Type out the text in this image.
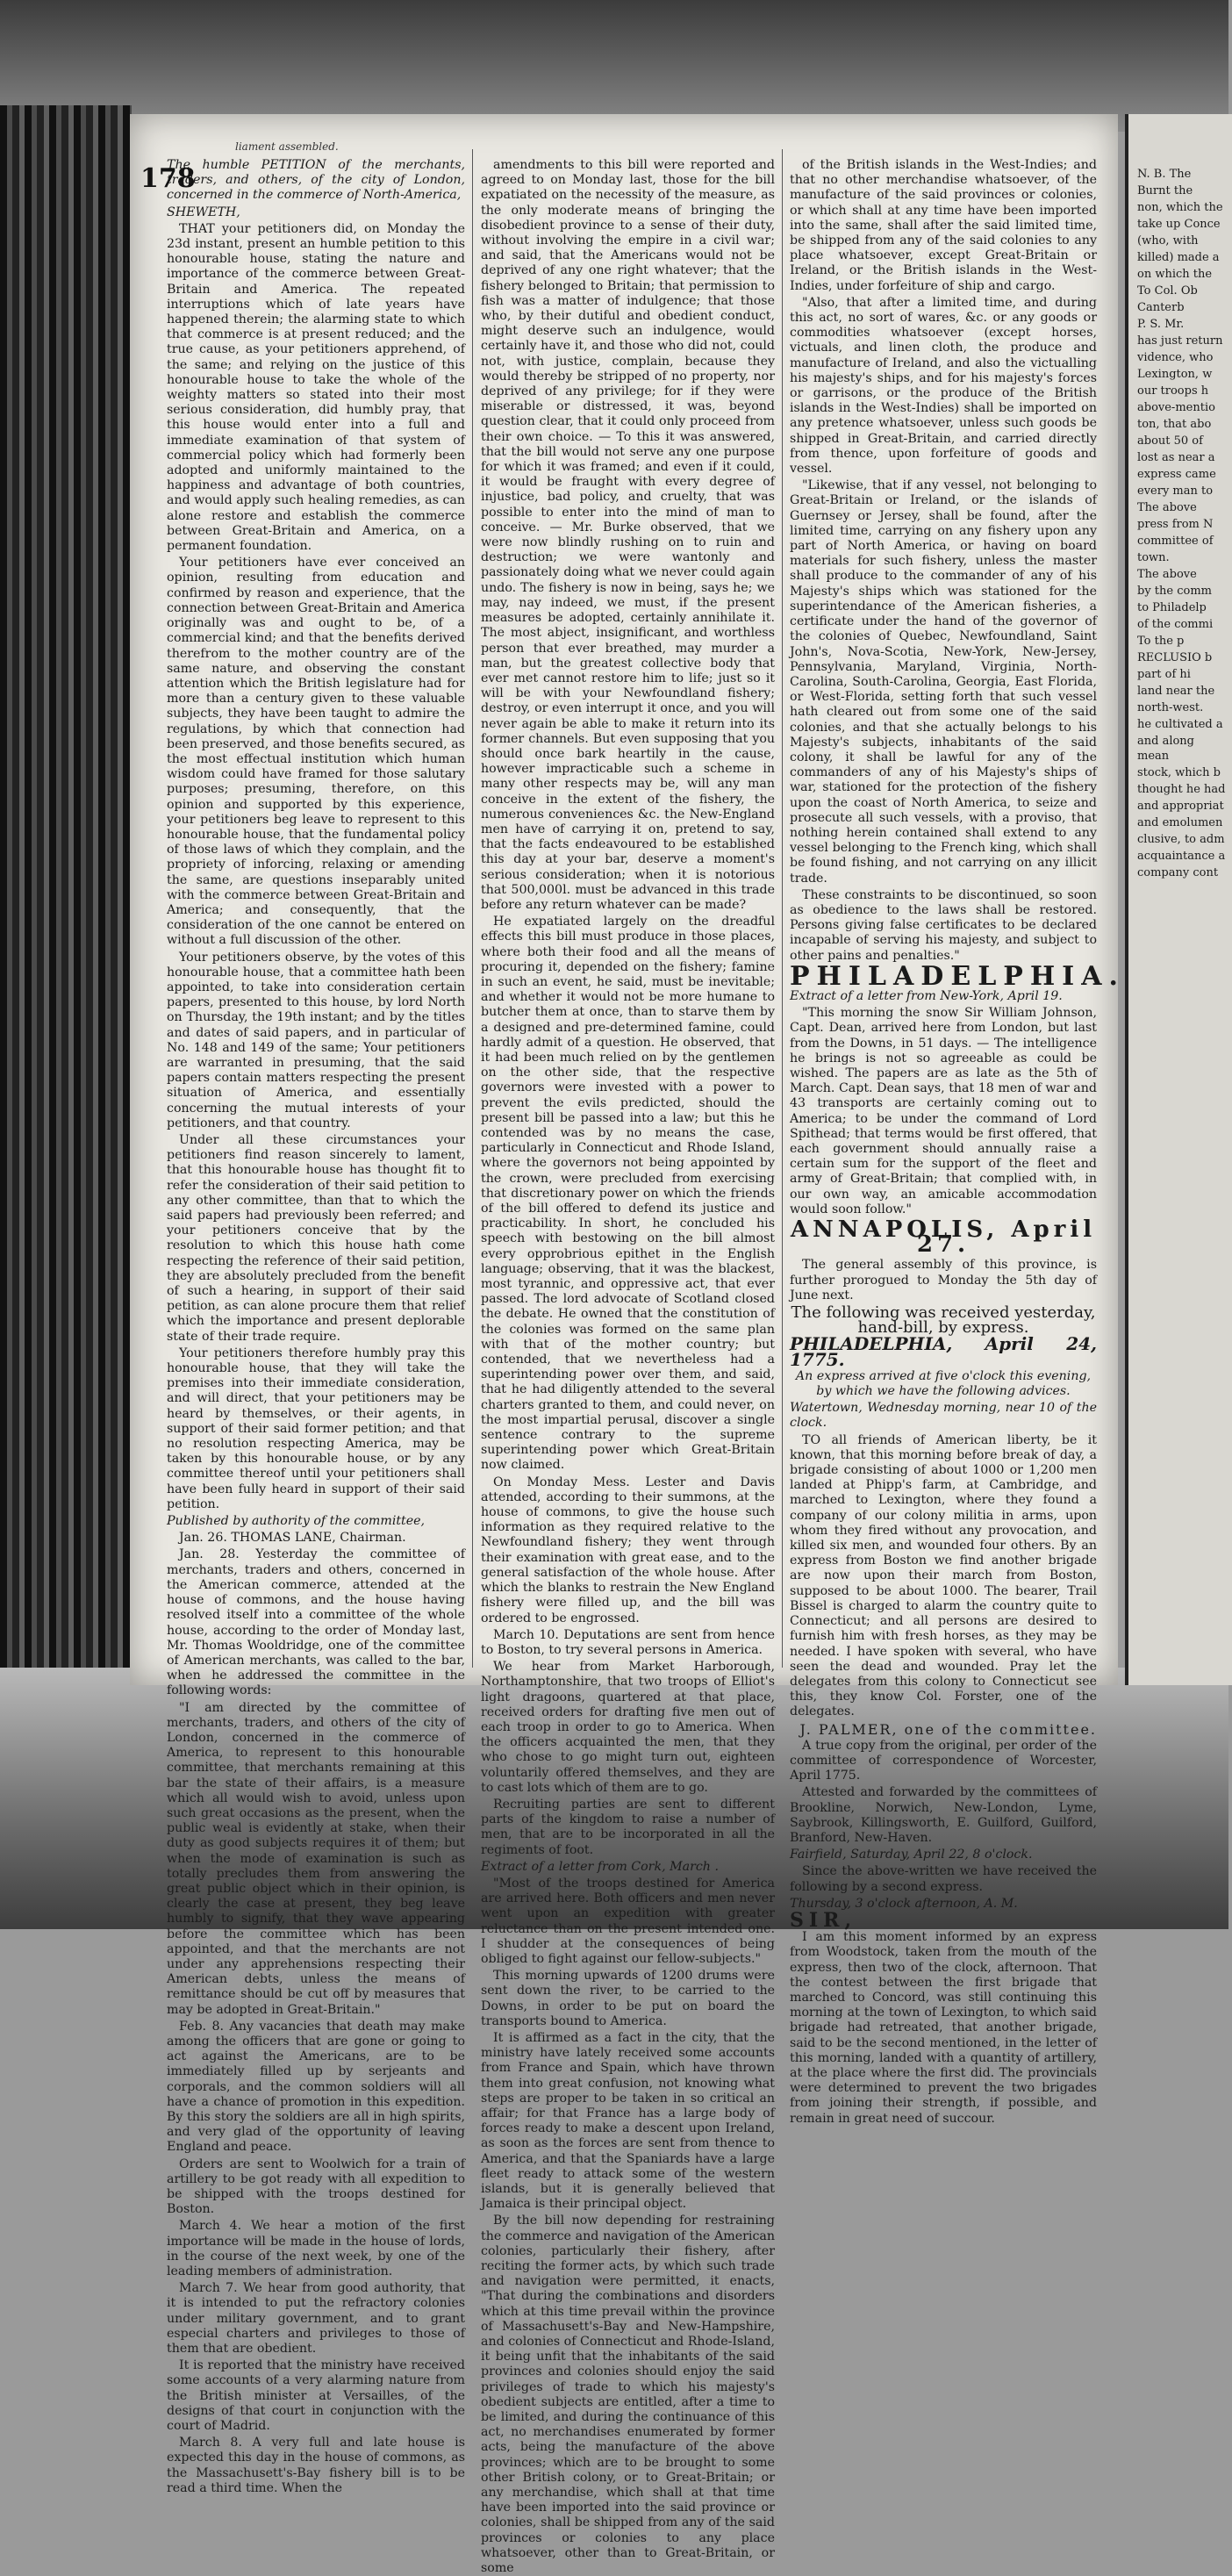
178
liament assembled.

The humble PETITION of the merchants, traders, and others, of the city of London, concerned in the commerce of North-America,

SHEWETH,

THAT your petitioners did, on Monday the 23d instant, present an humble petition to this honourable house, stating the nature and importance of the commerce between Great-Britain and America. The repeated interruptions which of late years have happened therein; the alarming state to which that commerce is at present reduced; and the true cause, as your petitioners apprehend, of the same; and relying on the justice of this honourable house to take the whole of the weighty matters so stated into their most serious consideration, did humbly pray, that this house would enter into a full and immediate examination of that system of commercial policy which had formerly been adopted and uniformly maintained to the happiness and advantage of both countries, and would apply such healing remedies, as can alone restore and establish the commerce between Great-Britain and America, on a permanent foundation.

Your petitioners have ever conceived an opinion, resulting from education and confirmed by reason and experience, that the connection between Great-Britain and America originally was and ought to be, of a commercial kind; and that the benefits derived therefrom to the mother country are of the same nature, and observing the constant attention which the British legislature had for more than a century given to these valuable subjects, they have been taught to admire the regulations, by which that connection had been preserved, and those benefits secured, as the most effectual institution which human wisdom could have framed for those salutary purposes; presuming, therefore, on this opinion and supported by this experience, your petitioners beg leave to represent to this honourable house, that the fundamental policy of those laws of which they complain, and the propriety of inforcing, relaxing or amending the same, are questions inseparably united with the commerce between Great-Britain and America; and consequently, that the consideration of the one cannot be entered on without a full discussion of the other.

Your petitioners observe, by the votes of this honourable house, that a committee hath been appointed, to take into consideration certain papers, presented to this house, by lord North on Thursday, the 19th instant; and by the titles and dates of said papers, and in particular of No. 148 and 149 of the same; Your petitioners are warranted in presuming, that the said papers contain matters respecting the present situation of America, and essentially concerning the mutual interests of your petitioners, and that country.

Under all these circumstances your petitioners find reason sincerely to lament, that this honourable house has thought fit to refer the consideration of their said petition to any other committee, than that to which the said papers had previously been referred; and your petitioners conceive that by the resolution to which this house hath come respecting the reference of their said petition, they are absolutely precluded from the benefit of such a hearing, in support of their said petition, as can alone procure them that relief which the importance and present deplorable state of their trade require.

Your petitioners therefore humbly pray this honourable house, that they will take the premises into their immediate consideration, and will direct, that your petitioners may be heard by themselves, or their agents, in support of their said former petition; and that no resolution respecting America, may be taken by this honourable house, or by any committee thereof until your petitioners shall have been fully heard in support of their said petition.

Published by authority of the committee,

Jan. 26. THOMAS LANE, Chairman.

Jan. 28. Yesterday the committee of merchants, traders and others, concerned in the American commerce, attended at the house of commons, and the house having resolved itself into a committee of the whole house, according to the order of Monday last, Mr. Thomas Wooldridge, one of the committee of American merchants, was called to the bar, when he addressed the committee in the following words:

"I am directed by the committee of merchants, traders, and others of the city of London, concerned in the commerce of America, to represent to this honourable committee, that merchants remaining at this bar the state of their affairs, is a measure which all would wish to avoid, unless upon such great occasions as the present, when the public weal is evidently at stake, when their duty as good subjects requires it of them; but when the mode of examination is such as totally precludes them from answering the great public object which in their opinion, is clearly the case at present, they beg leave humbly to signify, that they wave appearing before the committee which has been appointed, and that the merchants are not under any apprehensions respecting their American debts, unless the means of remittance should be cut off by measures that may be adopted in Great-Britain."

Feb. 8. Any vacancies that death may make among the officers that are gone or going to act against the Americans, are to be immediately filled up by serjeants and corporals, and the common soldiers will all have a chance of promotion in this expedition. By this story the soldiers are all in high spirits, and very glad of the opportunity of leaving England and peace.

Orders are sent to Woolwich for a train of artillery to be got ready with all expedition to be shipped with the troops destined for Boston.

March 4. We hear a motion of the first importance will be made in the house of lords, in the course of the next week, by one of the leading members of administration.

March 7. We hear from good authority, that it is intended to put the refractory colonies under military government, and to grant especial charters and privileges to those of them that are obedient.

It is reported that the ministry have received some accounts of a very alarming nature from the British minister at Versailles, of the designs of that court in conjunction with the court of Madrid.

March 8. A very full and late house is expected this day in the house of commons, as the Massachusett's-Bay fishery bill is to be read a third time. When the

amendments to this bill were reported and agreed to on Monday last, those for the bill expatiated on the necessity of the measure, as the only moderate means of bringing the disobedient province to a sense of their duty, without involving the empire in a civil war; and said, that the Americans would not be deprived of any one right whatever; that the fishery belonged to Britain; that permission to fish was a matter of indulgence; that those who, by their dutiful and obedient conduct, might deserve such an indulgence, would certainly have it, and those who did not, could not, with justice, complain, because they would thereby be stripped of no property, nor deprived of any privilege; for if they were miserable or distressed, it was, beyond question clear, that it could only proceed from their own choice. — To this it was answered, that the bill would not serve any one purpose for which it was framed; and even if it could, it would be fraught with every degree of injustice, bad policy, and cruelty, that was possible to enter into the mind of man to conceive. — Mr. Burke observed, that we were now blindly rushing on to ruin and destruction; we were wantonly and passionately doing what we never could again undo. The fishery is now in being, says he; we may, nay indeed, we must, if the present measures be adopted, certainly annihilate it. The most abject, insignificant, and worthless person that ever breathed, may murder a man, but the greatest collective body that ever met cannot restore him to life; just so it will be with your Newfoundland fishery; destroy, or even interrupt it once, and you will never again be able to make it return into its former channels. But even supposing that you should once bark heartily in the cause, however impracticable such a scheme in many other respects may be, will any man conceive in the extent of the fishery, the numerous conveniences &c. the New-England men have of carrying it on, pretend to say, that the facts endeavoured to be established this day at your bar, deserve a moment's serious consideration; when it is notorious that 500,000l. must be advanced in this trade before any return whatever can be made?

He expatiated largely on the dreadful effects this bill must produce in those places, where both their food and all the means of procuring it, depended on the fishery; famine in such an event, he said, must be inevitable; and whether it would not be more humane to butcher them at once, than to starve them by a designed and pre-determined famine, could hardly admit of a question. He observed, that it had been much relied on by the gentlemen on the other side, that the respective governors were invested with a power to prevent the evils predicted, should the present bill be passed into a law; but this he contended was by no means the case, particularly in Connecticut and Rhode Island, where the governors not being appointed by the crown, were precluded from exercising that discretionary power on which the friends of the bill offered to defend its justice and practicability. In short, he concluded his speech with bestowing on the bill almost every opprobrious epithet in the English language; observing, that it was the blackest, most tyrannic, and oppressive act, that ever passed. The lord advocate of Scotland closed the debate. He owned that the constitution of the colonies was formed on the same plan with that of the mother country; but contended, that we nevertheless had a superintending power over them, and said, that he had diligently attended to the several charters granted to them, and could never, on the most impartial perusal, discover a single sentence contrary to the supreme superintending power which Great-Britain now claimed.

On Monday Mess. Lester and Davis attended, according to their summons, at the house of commons, to give the house such information as they required relative to the Newfoundland fishery; they went through their examination with great ease, and to the general satisfaction of the whole house. After which the blanks to restrain the New England fishery were filled up, and the bill was ordered to be engrossed.

March 10. Deputations are sent from hence to Boston, to try several persons in America.

We hear from Market Harborough, Northamptonshire, that two troops of Elliot's light dragoons, quartered at that place, received orders for drafting five men out of each troop in order to go to America. When the officers acquainted the men, that they who chose to go might turn out, eighteen voluntarily offered themselves, and they are to cast lots which of them are to go.

Recruiting parties are sent to different parts of the kingdom to raise a number of men, that are to be incorporated in all the regiments of foot.

Extract of a letter from Cork, March .

"Most of the troops destined for America are arrived here. Both officers and men never went upon an expedition with greater reluctance than on the present intended one. I shudder at the consequences of being obliged to fight against our fellow-subjects."

This morning upwards of 1200 drums were sent down the river, to be carried to the Downs, in order to be put on board the transports bound to America.

It is affirmed as a fact in the city, that the ministry have lately received some accounts from France and Spain, which have thrown them into great confusion, not knowing what steps are proper to be taken in so critical an affair; for that France has a large body of forces ready to make a descent upon Ireland, as soon as the forces are sent from thence to America, and that the Spaniards have a large fleet ready to attack some of the western islands, but it is generally believed that Jamaica is their principal object.

By the bill now depending for restraining the commerce and navigation of the American colonies, particularly their fishery, after reciting the former acts, by which such trade and navigation were permitted, it enacts, "That during the combinations and disorders which at this time prevail within the province of Massachusett's-Bay and New-Hampshire, and colonies of Connecticut and Rhode-Island, it being unfit that the inhabitants of the said provinces and colonies should enjoy the said privileges of trade to which his majesty's obedient subjects are entitled, after a time to be limited, and during the continuance of this act, no merchandises enumerated by former acts, being the manufacture of the above provinces; which are to be brought to some other British colony, or to Great-Britain; or any merchandise, which shall at that time have been imported into the said province or colonies, shall be shipped from any of the said provinces or colonies to any place whatsoever, other than to Great-Britain, or some

of the British islands in the West-Indies; and that no other merchandise whatsoever, of the manufacture of the said provinces or colonies, or which shall at any time have been imported into the same, shall after the said limited time, be shipped from any of the said colonies to any place whatsoever, except Great-Britain or Ireland, or the British islands in the West-Indies, under forfeiture of ship and cargo.

"Also, that after a limited time, and during this act, no sort of wares, &c. or any goods or commodities whatsoever (except horses, victuals, and linen cloth, the produce and manufacture of Ireland, and also the victualling his majesty's ships, and for his majesty's forces or garrisons, or the produce of the British islands in the West-Indies) shall be imported on any pretence whatsoever, unless such goods be shipped in Great-Britain, and carried directly from thence, upon forfeiture of goods and vessel.

"Likewise, that if any vessel, not belonging to Great-Britain or Ireland, or the islands of Guernsey or Jersey, shall be found, after the limited time, carrying on any fishery upon any part of North America, or having on board materials for such fishery, unless the master shall produce to the commander of any of his Majesty's ships which was stationed for the superintendance of the American fisheries, a certificate under the hand of the governor of the colonies of Quebec, Newfoundland, Saint John's, Nova-Scotia, New-York, New-Jersey, Pennsylvania, Maryland, Virginia, North-Carolina, South-Carolina, Georgia, East Florida, or West-Florida, setting forth that such vessel hath cleared out from some one of the said colonies, and that she actually belongs to his Majesty's subjects, inhabitants of the said colony, it shall be lawful for any of the commanders of any of his Majesty's ships of war, stationed for the protection of the fishery upon the coast of North America, to seize and prosecute all such vessels, with a proviso, that nothing herein contained shall extend to any vessel belonging to the French king, which shall be found fishing, and not carrying on any illicit trade.

These constraints to be discontinued, so soon as obedience to the laws shall be restored. Persons giving false certificates to be declared incapable of serving his majesty, and subject to other pains and penalties."

PHILADELPHIA.

Extract of a letter from New-York, April 19.

"This morning the snow Sir William Johnson, Capt. Dean, arrived here from London, but last from the Downs, in 51 days. — The intelligence he brings is not so agreeable as could be wished. The papers are as late as the 5th of March. Capt. Dean says, that 18 men of war and 43 transports are certainly coming out to America; to be under the command of Lord Spithead; that terms would be first offered, that each government should annually raise a certain sum for the support of the fleet and army of Great-Britain; that complied with, in our own way, an amicable accommodation would soon follow."

ANNAPOLIS, April 27.

The general assembly of this province, is further prorogued to Monday the 5th day of June next.

The following was received yesterday, hand-bill, by express.

PHILADELPHIA, April 24, 1775.

An express arrived at five o'clock this evening, by which we have the following advices.

Watertown, Wednesday morning, near 10 of the clock.

TO all friends of American liberty, be it known, that this morning before break of day, a brigade consisting of about 1000 or 1,200 men landed at Phipp's farm, at Cambridge, and marched to Lexington, where they found a company of our colony militia in arms, upon whom they fired without any provocation, and killed six men, and wounded four others. By an express from Boston we find another brigade are now upon their march from Boston, supposed to be about 1000. The bearer, Trail Bissel is charged to alarm the country quite to Connecticut; and all persons are desired to furnish him with fresh horses, as they may be needed. I have spoken with several, who have seen the dead and wounded. Pray let the delegates from this colony to Connecticut see this, they know Col. Forster, one of the delegates.

J. PALMER, one of the committee.

A true copy from the original, per order of the committee of correspondence of Worcester, April 1775.

Attested and forwarded by the committees of Brookline, Norwich, New-London, Lyme, Saybrook, Killingsworth, E. Guilford, Guilford, Branford, New-Haven.

Fairfield, Saturday, April 22, 8 o'clock.

Since the above-written we have received the following by a second express.

Thursday, 3 o'clock afternoon, A. M.

SIR,

I am this moment informed by an express from Woodstock, taken from the mouth of the express, then two of the clock, afternoon. That the contest between the first brigade that marched to Concord, was still continuing this morning at the town of Lexington, to which said brigade had retreated, that another brigade, said to be the second mentioned, in the letter of this morning, landed with a quantity of artillery, at the place where the first did. The provincials were determined to prevent the two brigades from joining their strength, if possible, and remain in great need of succour.

N. B. The

Burnt the

non, which the

take up Conce

(who, with

killed) made a

on which the

To Col. Ob

Canterb

P. S. Mr.

has just return

vidence, who

Lexington, w

our troops h

above-mentio

ton, that abo

about 50 of

lost as near a

express came

every man to

The above

press from N

committee of

town.

The above

by the comm

to Philadelp

of the commi

To the p

RECLUSIO b

part of hi

land near the

north-west.

he cultivated a

and along mean

stock, which b

thought he had

and appropriat

and emolumen

clusive, to adm

acquaintance a

company cont
